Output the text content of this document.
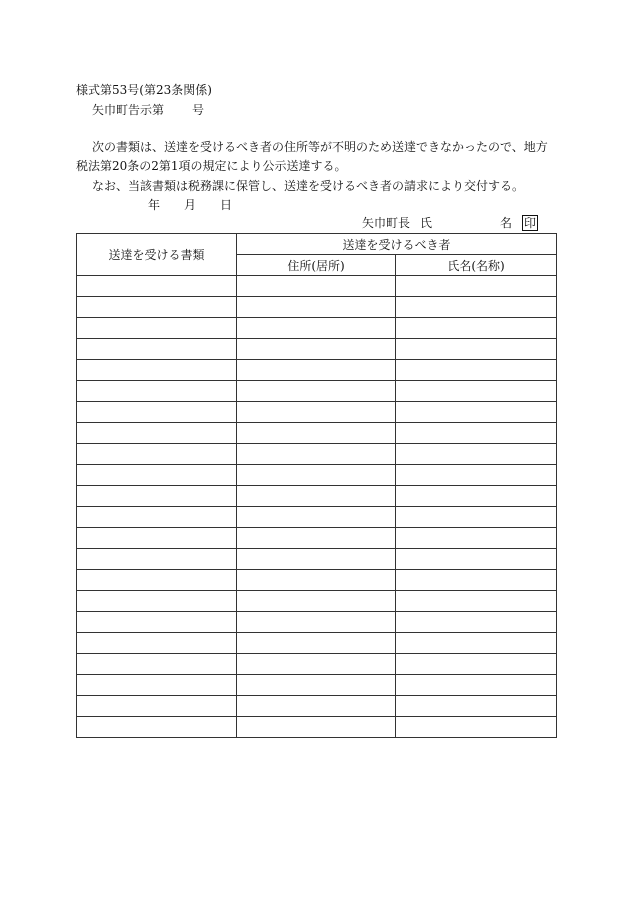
様式第53号(第23条関係)
矢巾町告示第 号
次の書類は、送達を受けるべき者の住所等が不明のため送達できなかったので、地方
税法第20条の2第1項の規定により公示送達する。
なお、当該書類は税務課に保管し、送達を受けるべき者の請求により交付する。
年 月 日
矢巾町長 氏	名 印
送達を受ける書類	送達を受けるべき者	
	住所(居所)	氏名(名称)
